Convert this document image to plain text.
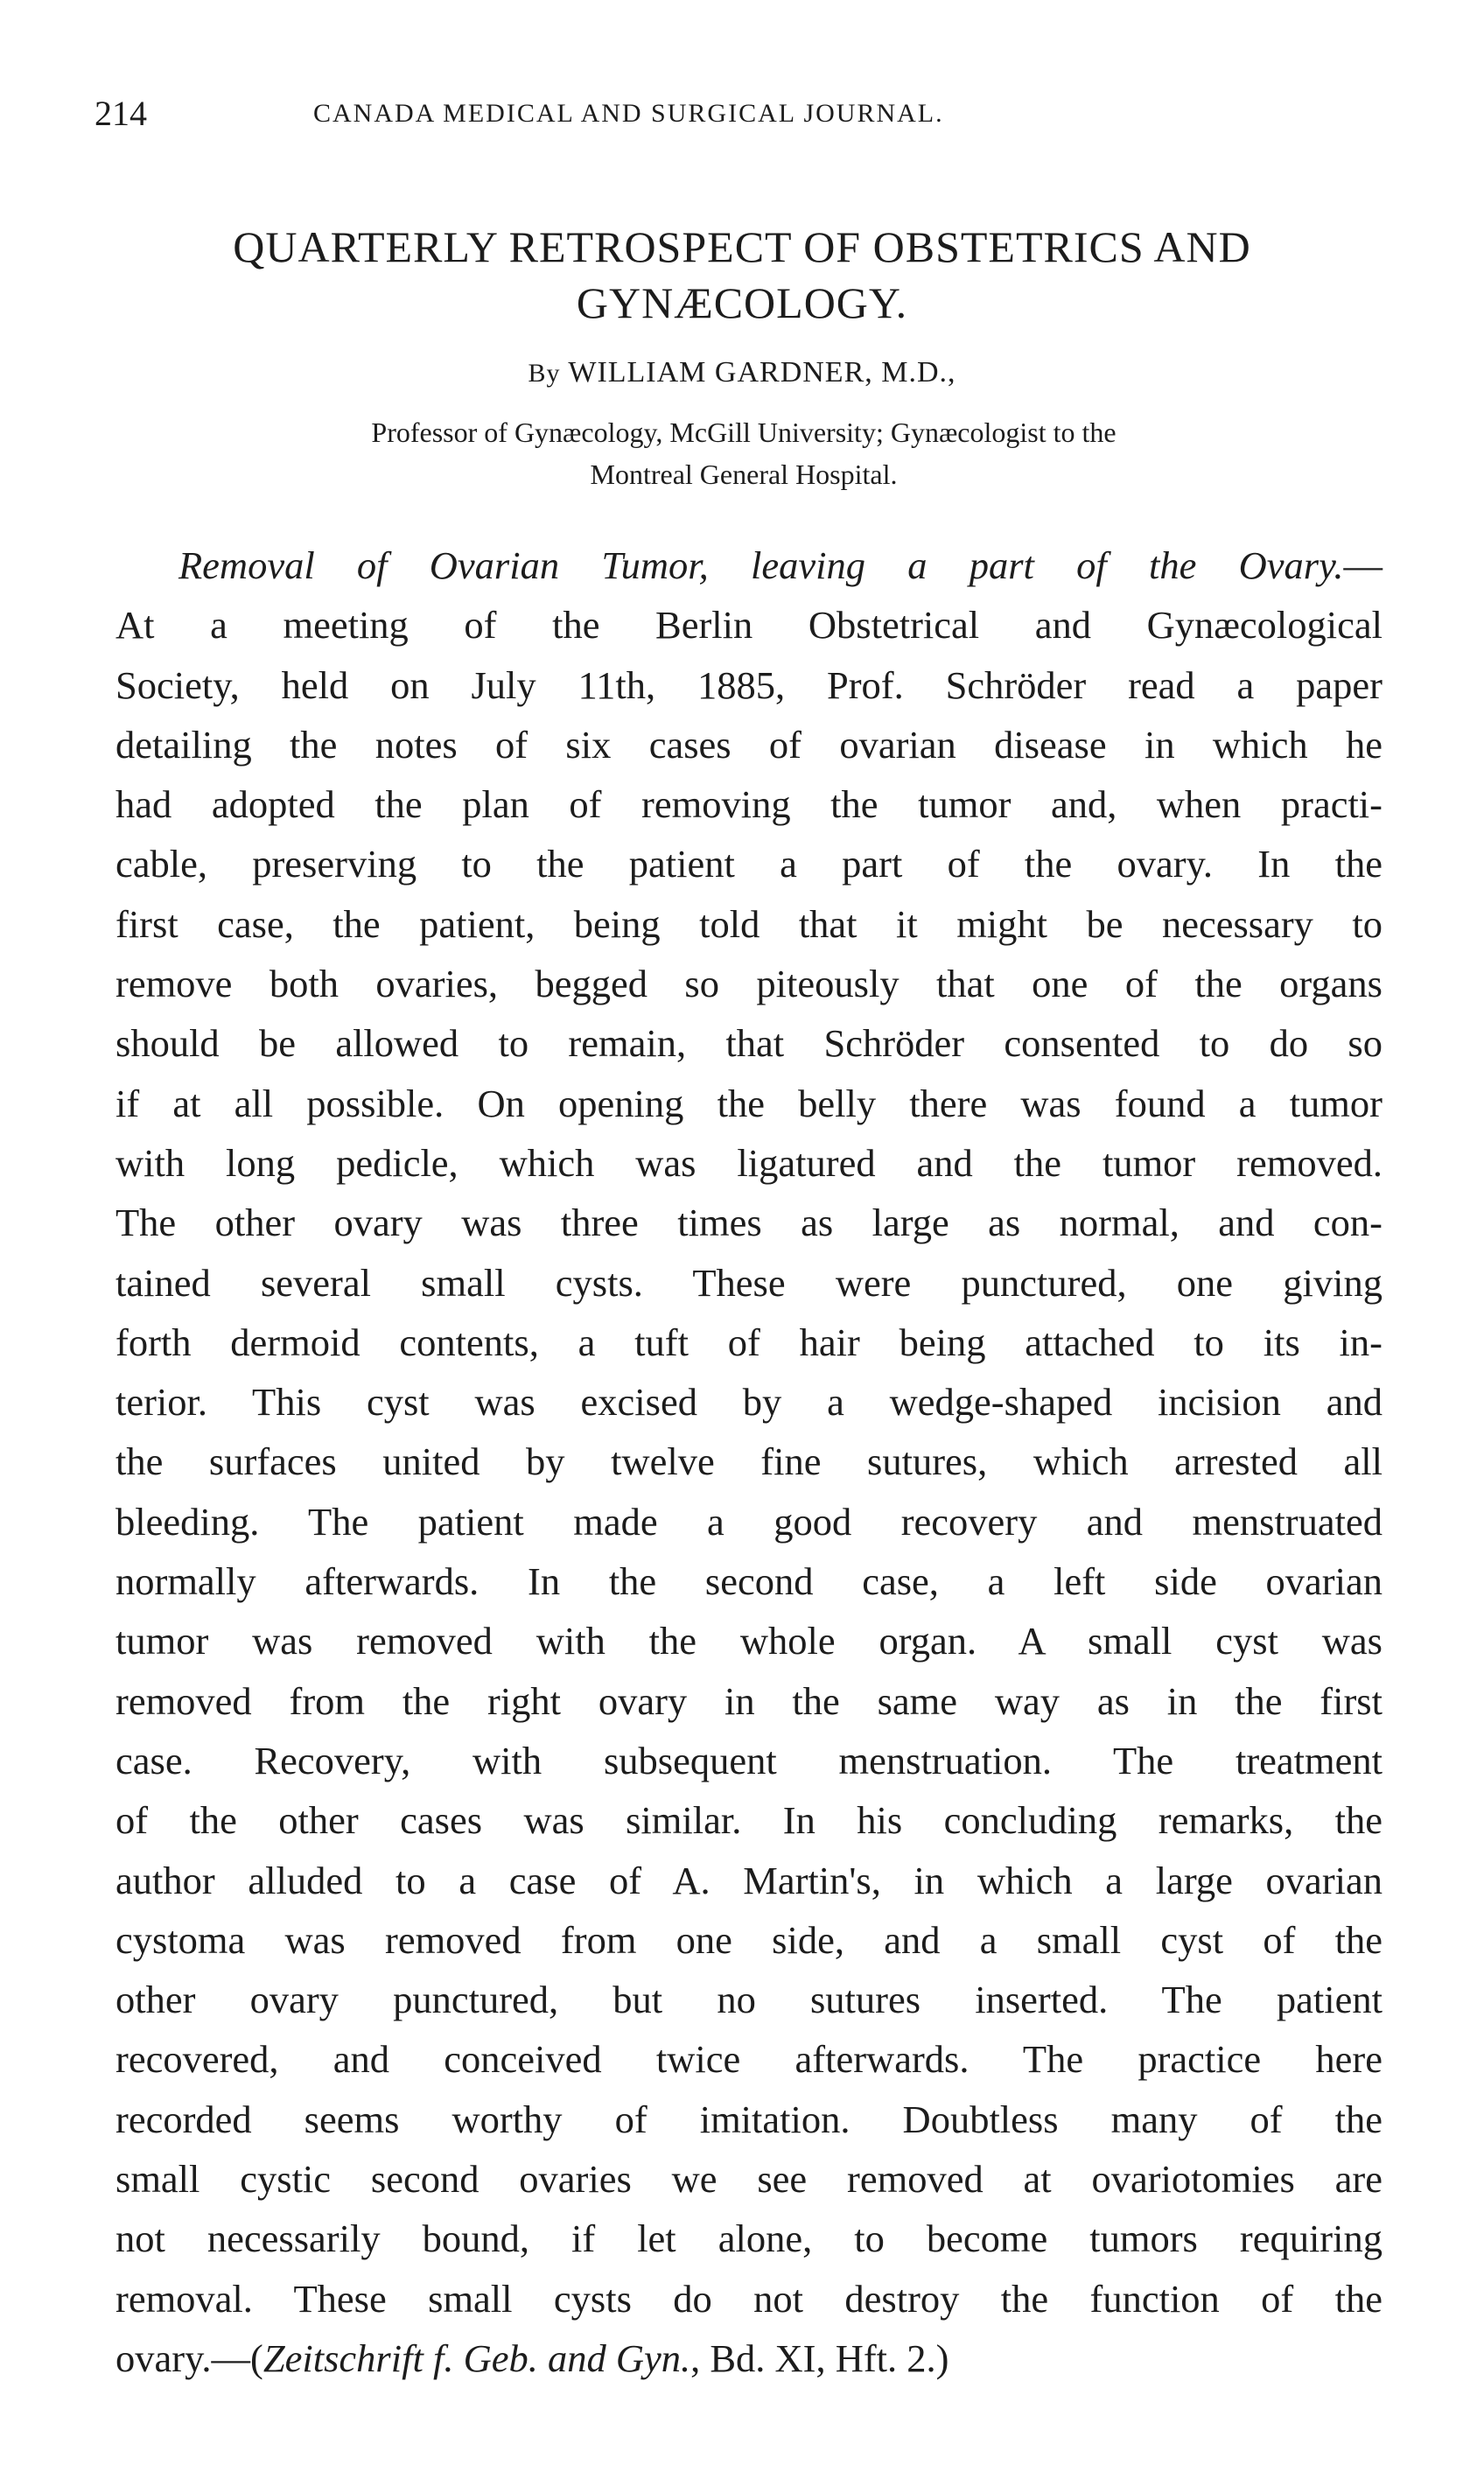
214	CANADA MEDICAL AND SURGICAL JOURNAL.
QUARTERLY RETROSPECT OF OBSTETRICS AND
GYNÆCOLOGY.
By WILLIAM GARDNER, M.D.,
Professor of Gynæcology, McGill University; Gynæcologist to the
Montreal General Hospital.
Removal of Ovarian Tumor, leaving a part of the Ovary.—
At a meeting of the Berlin Obstetrical and Gynæcological
Society, held on July 11th, 1885, Prof. Schröder read a paper
detailing the notes of six cases of ovarian disease in which he
had adopted the plan of removing the tumor and, when practi-
cable, preserving to the patient a part of the ovary. In the
first case, the patient, being told that it might be necessary to
remove both ovaries, begged so piteously that one of the organs
should be allowed to remain, that Schröder consented to do so
if at all possible. On opening the belly there was found a tumor
with long pedicle, which was ligatured and the tumor removed.
The other ovary was three times as large as normal, and con-
tained several small cysts. These were punctured, one giving
forth dermoid contents, a tuft of hair being attached to its in-
terior. This cyst was excised by a wedge-shaped incision and
the surfaces united by twelve fine sutures, which arrested all
bleeding. The patient made a good recovery and menstruated
normally afterwards. In the second case, a left side ovarian
tumor was removed with the whole organ. A small cyst was
removed from the right ovary in the same way as in the first
case. Recovery, with subsequent menstruation. The treatment
of the other cases was similar. In his concluding remarks, the
author alluded to a case of A. Martin's, in which a large ovarian
cystoma was removed from one side, and a small cyst of the
other ovary punctured, but no sutures inserted. The patient
recovered, and conceived twice afterwards. The practice here
recorded seems worthy of imitation. Doubtless many of the
small cystic second ovaries we see removed at ovariotomies are
not necessarily bound, if let alone, to become tumors requiring
removal. These small cysts do not destroy the function of the
ovary.—(Zeitschrift f. Geb. and Gyn., Bd. XI, Hft. 2.)
